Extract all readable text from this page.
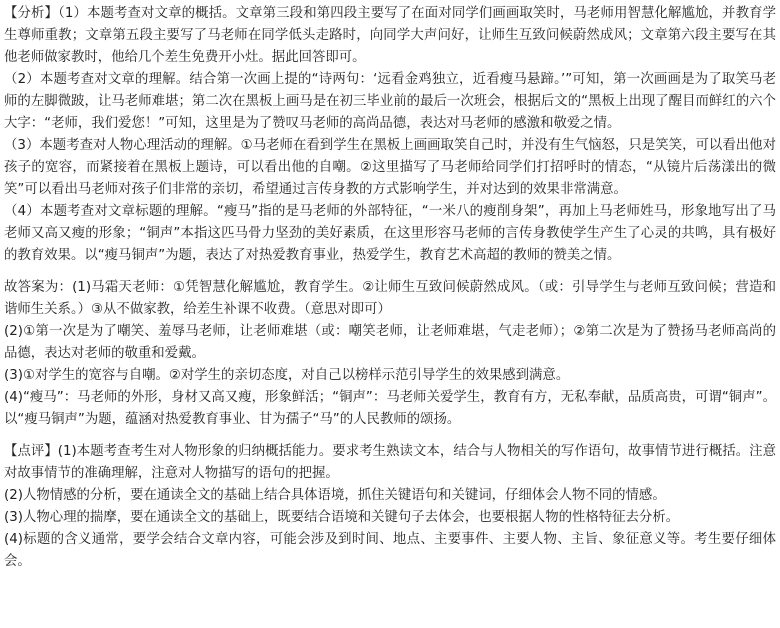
【分析】（1）本题考查对文章的概括。文章第三段和第四段主要写了在面对同学们画画取笑时，马老师用智慧化解尴尬，并教育学生尊师重教；文章第五段主要写了马老师在同学低头走路时，向同学大声问好，让师生互致问候蔚然成风；文章第六段主要写在其他老师做家教时，他给几个差生免费开小灶。据此回答即可。

（2）本题考查对文章的理解。结合第一次画上提的“诗两句：‘远看金鸡独立，近看瘦马悬蹄。’”可知，第一次画画是为了取笑马老师的左脚微跛，让马老师难堪；第二次在黑板上画马是在初三毕业前的最后一次班会，根据后文的“黑板上出现了醒目而鲜红的六个大字：“老师，我们爱您！”可知，这里是为了赞叹马老师的高尚品德，表达对马老师的感激和敬爱之情。

（3）本题考查对人物心理活动的理解。①马老师在看到学生在黑板上画画取笑自己时，并没有生气恼怒，只是笑笑，可以看出他对孩子的宽容，而紧接着在黑板上题诗，可以看出他的自嘲。②这里描写了马老师给同学们打招呼时的情态，“从镜片后荡漾出的微笑”可以看出马老师对孩子们非常的亲切，希望通过言传身教的方式影响学生，并对达到的效果非常满意。

（4）本题考查对文章标题的理解。“瘦马”指的是马老师的外部特征，“一米八的瘦削身架”，再加上马老师姓马，形象地写出了马老师又高又瘦的形象；“铜声”本指这匹马骨力坚劲的美好素质，在这里形容马老师的言传身教使学生产生了心灵的共鸣，具有极好的教育效果。以“瘦马铜声”为题，表达了对热爱教育事业，热爱学生，教育艺术高超的教师的赞美之情。

故答案为：(1)马霜天老师：①凭智慧化解尴尬，教育学生。②让师生互致问候蔚然成风。（或：引导学生与老师互致问候；营造和谐师生关系。）③从不做家教，给差生补课不收费。（意思对即可）

(2)①第一次是为了嘲笑、羞辱马老师，让老师难堪（或：嘲笑老师，让老师难堪，气走老师）；②第二次是为了赞扬马老师高尚的品德，表达对老师的敬重和爱戴。

(3)①对学生的宽容与自嘲。②对学生的亲切态度，对自己以榜样示范引导学生的效果感到满意。

(4)“瘦马”：马老师的外形，身材又高又瘦，形象鲜活；“铜声”：马老师关爱学生，教育有方，无私奉献，品质高贵，可谓“铜声”。以“瘦马铜声”为题，蕴涵对热爱教育事业、甘为孺子“马”的人民教师的颂扬。

【点评】(1)本题考查考生对人物形象的归纳概括能力。要求考生熟读文本，结合与人物相关的写作语句，故事情节进行概括。注意对故事情节的准确理解，注意对人物描写的语句的把握。

(2)人物情感的分析，要在通读全文的基础上结合具体语境，抓住关键语句和关键词，仔细体会人物不同的情感。

(3)人物心理的揣摩，要在通读全文的基础上，既要结合语境和关键句子去体会，也要根据人物的性格特征去分析。

(4)标题的含义通常，要学会结合文章内容，可能会涉及到时间、地点、主要事件、主要人物、主旨、象征意义等。考生要仔细体会。
